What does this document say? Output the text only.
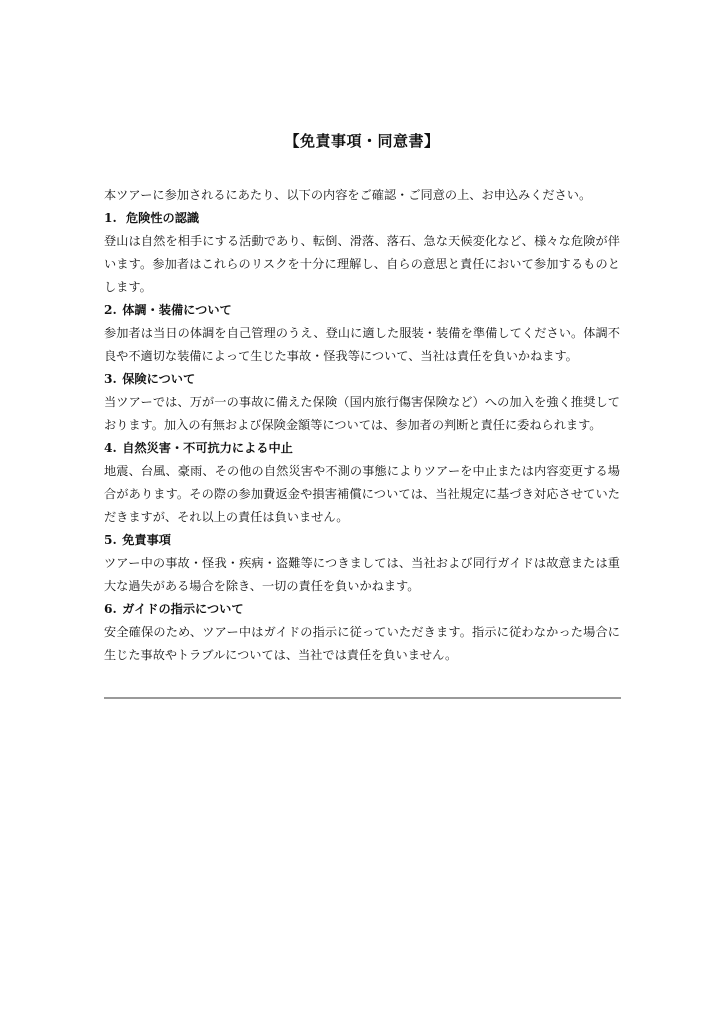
【免責事項・同意書】

本ツアーに参加されるにあたり、以下の内容をご確認・ご同意の上、お申込みください。

1. 危険性の認識

登山は自然を相手にする活動であり、転倒、滑落、落石、急な天候変化など、様々な危険が伴います。参加者はこれらのリスクを十分に理解し、自らの意思と責任において参加するものとします。

2. 体調・装備について

参加者は当日の体調を自己管理のうえ、登山に適した服装・装備を準備してください。体調不良や不適切な装備によって生じた事故・怪我等について、当社は責任を負いかねます。

3. 保険について

当ツアーでは、万が一の事故に備えた保険（国内旅行傷害保険など）への加入を強く推奨しております。加入の有無および保険金額等については、参加者の判断と責任に委ねられます。

4. 自然災害・不可抗力による中止

地震、台風、豪雨、その他の自然災害や不測の事態によりツアーを中止または内容変更する場合があります。その際の参加費返金や損害補償については、当社規定に基づき対応させていただきますが、それ以上の責任は負いません。

5. 免責事項

ツアー中の事故・怪我・疾病・盗難等につきましては、当社および同行ガイドは故意または重大な過失がある場合を除き、一切の責任を負いかねます。

6. ガイドの指示について

安全確保のため、ツアー中はガイドの指示に従っていただきます。指示に従わなかった場合に生じた事故やトラブルについては、当社では責任を負いません。
